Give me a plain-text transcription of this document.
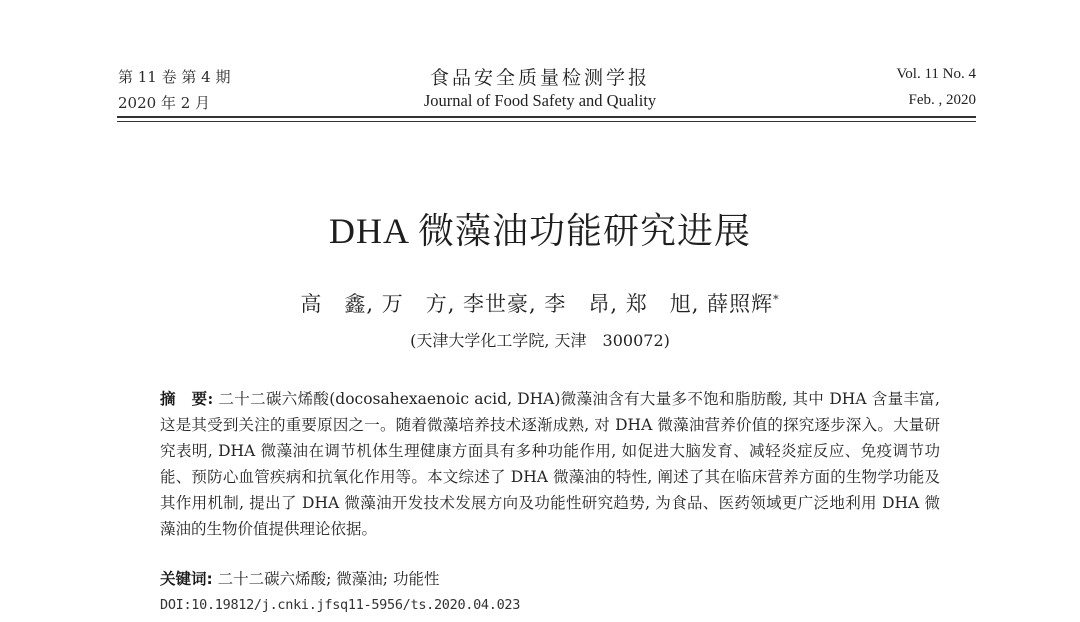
第 11 卷 第 4 期
2020 年 2 月
食品安全质量检测学报
Journal of Food Safety and Quality
Vol. 11 No. 4
Feb. , 2020
DHA 微藻油功能研究进展
高　鑫, 万　方, 李世豪, 李　昂, 郑　旭, 薛照辉*
(天津大学化工学院, 天津　300072)
摘　要: 二十二碳六烯酸(docosahexaenoic acid, DHA)微藻油含有大量多不饱和脂肪酸, 其中 DHA 含量丰富, 这是其受到关注的重要原因之一。随着微藻培养技术逐渐成熟, 对 DHA 微藻油营养价值的探究逐步深入。大量研究表明, DHA 微藻油在调节机体生理健康方面具有多种功能作用, 如促进大脑发育、减轻炎症反应、免疫调节功能、预防心血管疾病和抗氧化作用等。本文综述了 DHA 微藻油的特性, 阐述了其在临床营养方面的生物学功能及其作用机制, 提出了 DHA 微藻油开发技术发展方向及功能性研究趋势, 为食品、医药领域更广泛地利用 DHA 微藻油的生物价值提供理论依据。
关键词: 二十二碳六烯酸; 微藻油; 功能性
DOI:10.19812/j.cnki.jfsq11-5956/ts.2020.04.023
